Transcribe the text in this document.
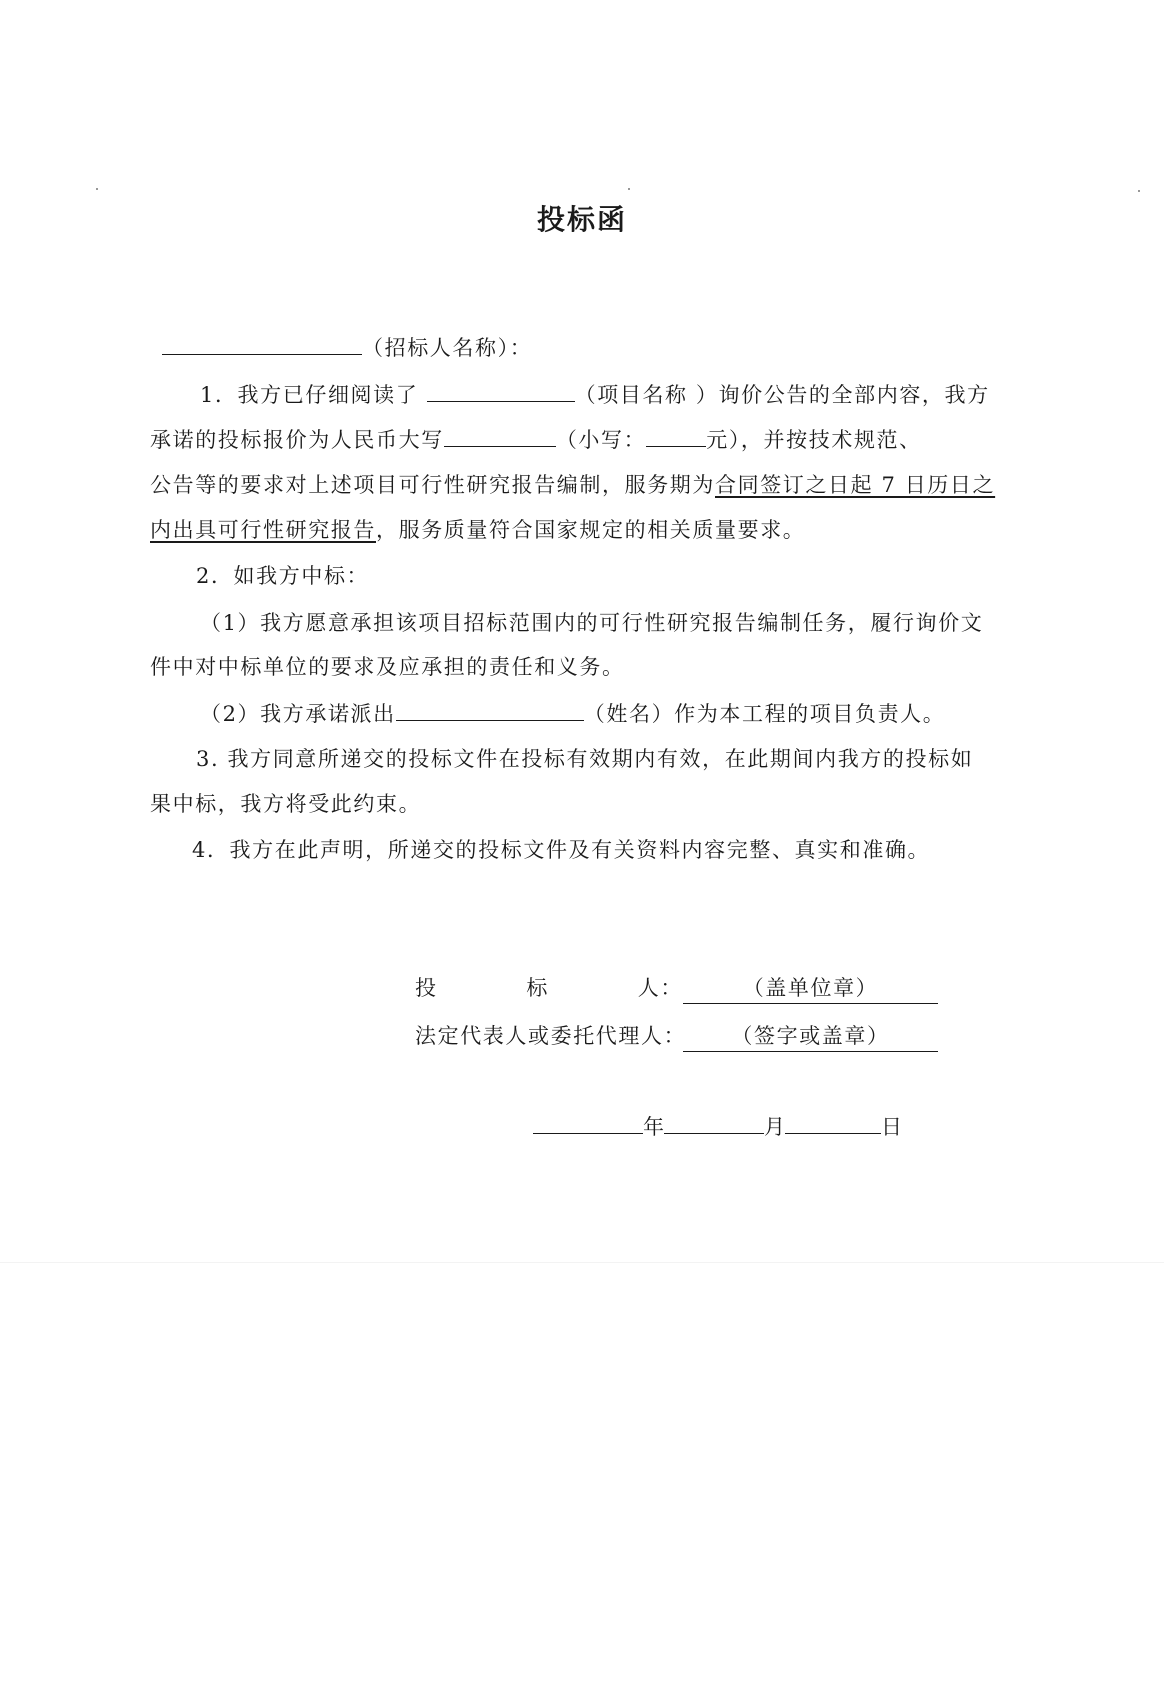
投标函
（招标人名称）：
1．我方已仔细阅读了	（项目名称 ）询价公告的全部内容，我方
承诺的投标报价为人民币大写	（小写：	元），并按技术规范、
公告等的要求对上述项目可行性研究报告编制，服务期为合同签订之日起 7 日历日之
内出具可行性研究报告，服务质量符合国家规定的相关质量要求。
2．如我方中标：
（1）我方愿意承担该项目招标范围内的可行性研究报告编制任务，履行询价文
件中对中标单位的要求及应承担的责任和义务。
（2）我方承诺派出	（姓名）作为本工程的项目负责人。
3. 我方同意所递交的投标文件在投标有效期内有效，在此期间内我方的投标如
果中标，我方将受此约束。
4．我方在此声明，所递交的投标文件及有关资料内容完整、真实和准确。
投	标	人：	（盖单位章）
法定代表人或委托代理人： （签字或盖章）
年	月	日
